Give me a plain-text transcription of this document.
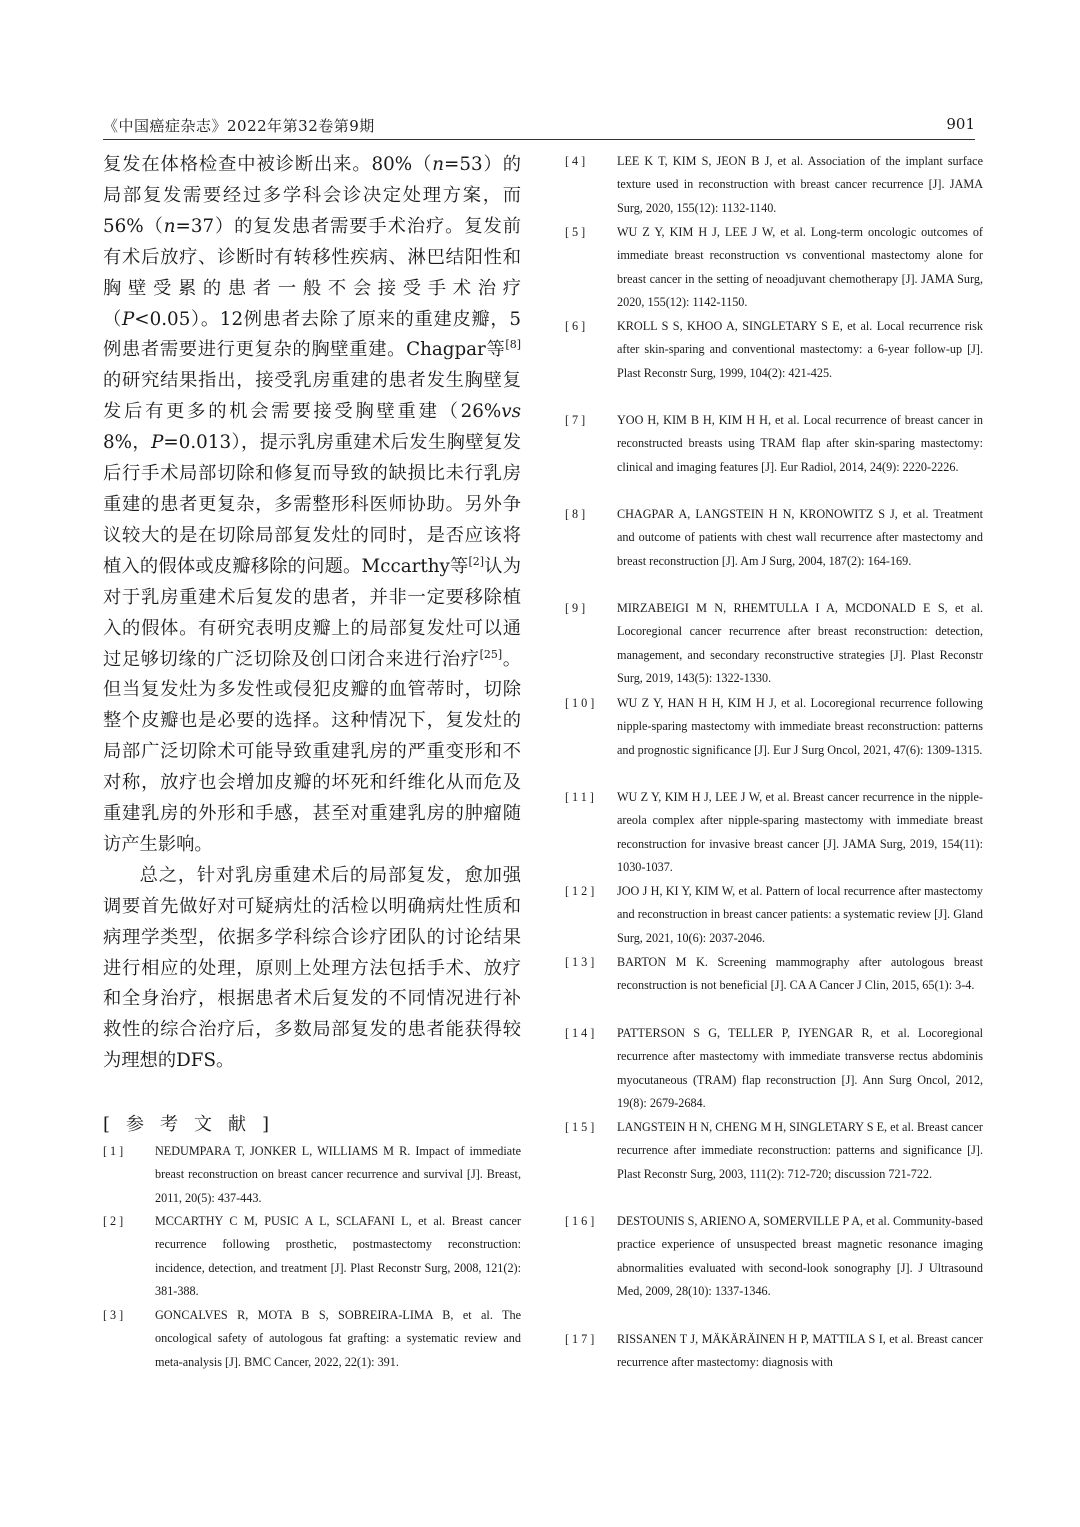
《中国癌症杂志》2022年第32卷第9期	901

复发在体格检查中被诊断出来。80%（n=53）的局部复发需要经过多学科会诊决定处理方案，而56%（n=37）的复发患者需要手术治疗。复发前有术后放疗、诊断时有转移性疾病、淋巴结阳性和胸壁受累的患者一般不会接受手术治疗（P<0.05）。12例患者去除了原来的重建皮瓣，5例患者需要进行更复杂的胸壁重建。Chagpar等[8]的研究结果指出，接受乳房重建的患者发生胸壁复发后有更多的机会需要接受胸壁重建（26%vs 8%，P=0.013），提示乳房重建术后发生胸壁复发后行手术局部切除和修复而导致的缺损比未行乳房重建的患者更复杂，多需整形科医师协助。另外争议较大的是在切除局部复发灶的同时，是否应该将植入的假体或皮瓣移除的问题。Mccarthy等[2]认为对于乳房重建术后复发的患者，并非一定要移除植入的假体。有研究表明皮瓣上的局部复发灶可以通过足够切缘的广泛切除及创口闭合来进行治疗[25]。但当复发灶为多发性或侵犯皮瓣的血管蒂时，切除整个皮瓣也是必要的选择。这种情况下，复发灶的局部广泛切除术可能导致重建乳房的严重变形和不对称，放疗也会增加皮瓣的坏死和纤维化从而危及重建乳房的外形和手感，甚至对重建乳房的肿瘤随访产生影响。

总之，针对乳房重建术后的局部复发，愈加强调要首先做好对可疑病灶的活检以明确病灶性质和病理学类型，依据多学科综合诊疗团队的讨论结果进行相应的处理，原则上处理方法包括手术、放疗和全身治疗，根据患者术后复发的不同情况进行补救性的综合治疗后，多数局部复发的患者能获得较为理想的DFS。

[参考文献]
[1]	NEDUMPARA T, JONKER L, WILLIAMS M R. Impact of immediate breast reconstruction on breast cancer recurrence and survival [J]. Breast, 2011, 20(5): 437-443.
[2]	MCCARTHY C M, PUSIC A L, SCLAFANI L, et al. Breast cancer recurrence following prosthetic, postmastectomy reconstruction: incidence, detection, and treatment [J]. Plast Reconstr Surg, 2008, 121(2): 381-388.
[3]	GONCALVES R, MOTA B S, SOBREIRA-LIMA B, et al. The oncological safety of autologous fat grafting: a systematic review and meta-analysis [J]. BMC Cancer, 2022, 22(1): 391.
[4]	LEE K T, KIM S, JEON B J, et al. Association of the implant surface texture used in reconstruction with breast cancer recurrence [J]. JAMA Surg, 2020, 155(12): 1132-1140.
[5]	WU Z Y, KIM H J, LEE J W, et al. Long-term oncologic outcomes of immediate breast reconstruction vs conventional mastectomy alone for breast cancer in the setting of neoadjuvant chemotherapy [J]. JAMA Surg, 2020, 155(12): 1142-1150.
[6]	KROLL S S, KHOO A, SINGLETARY S E, et al. Local recurrence risk after skin-sparing and conventional mastectomy: a 6-year follow-up [J]. Plast Reconstr Surg, 1999, 104(2): 421-425.
[7]	YOO H, KIM B H, KIM H H, et al. Local recurrence of breast cancer in reconstructed breasts using TRAM flap after skin-sparing mastectomy: clinical and imaging features [J]. Eur Radiol, 2014, 24(9): 2220-2226.
[8]	CHAGPAR A, LANGSTEIN H N, KRONOWITZ S J, et al. Treatment and outcome of patients with chest wall recurrence after mastectomy and breast reconstruction [J]. Am J Surg, 2004, 187(2): 164-169.
[9]	MIRZABEIGI M N, RHEMTULLA I A, MCDONALD E S, et al. Locoregional cancer recurrence after breast reconstruction: detection, management, and secondary reconstructive strategies [J]. Plast Reconstr Surg, 2019, 143(5): 1322-1330.
[10]	WU Z Y, HAN H H, KIM H J, et al. Locoregional recurrence following nipple-sparing mastectomy with immediate breast reconstruction: patterns and prognostic significance [J]. Eur J Surg Oncol, 2021, 47(6): 1309-1315.
[11]	WU Z Y, KIM H J, LEE J W, et al. Breast cancer recurrence in the nipple-areola complex after nipple-sparing mastectomy with immediate breast reconstruction for invasive breast cancer [J]. JAMA Surg, 2019, 154(11): 1030-1037.
[12]	JOO J H, KI Y, KIM W, et al. Pattern of local recurrence after mastectomy and reconstruction in breast cancer patients: a systematic review [J]. Gland Surg, 2021, 10(6): 2037-2046.
[13]	BARTON M K. Screening mammography after autologous breast reconstruction is not beneficial [J]. CA A Cancer J Clin, 2015, 65(1): 3-4.
[14]	PATTERSON S G, TELLER P, IYENGAR R, et al. Locoregional recurrence after mastectomy with immediate transverse rectus abdominis myocutaneous (TRAM) flap reconstruction [J]. Ann Surg Oncol, 2012, 19(8): 2679-2684.
[15]	LANGSTEIN H N, CHENG M H, SINGLETARY S E, et al. Breast cancer recurrence after immediate reconstruction: patterns and significance [J]. Plast Reconstr Surg, 2003, 111(2): 712-720; discussion 721-722.
[16]	DESTOUNIS S, ARIENO A, SOMERVILLE P A, et al. Community-based practice experience of unsuspected breast magnetic resonance imaging abnormalities evaluated with second-look sonography [J]. J Ultrasound Med, 2009, 28(10): 1337-1346.
[17]	RISSANEN T J, MÄKÄRÄINEN H P, MATTILA S I, et al. Breast cancer recurrence after mastectomy: diagnosis with
